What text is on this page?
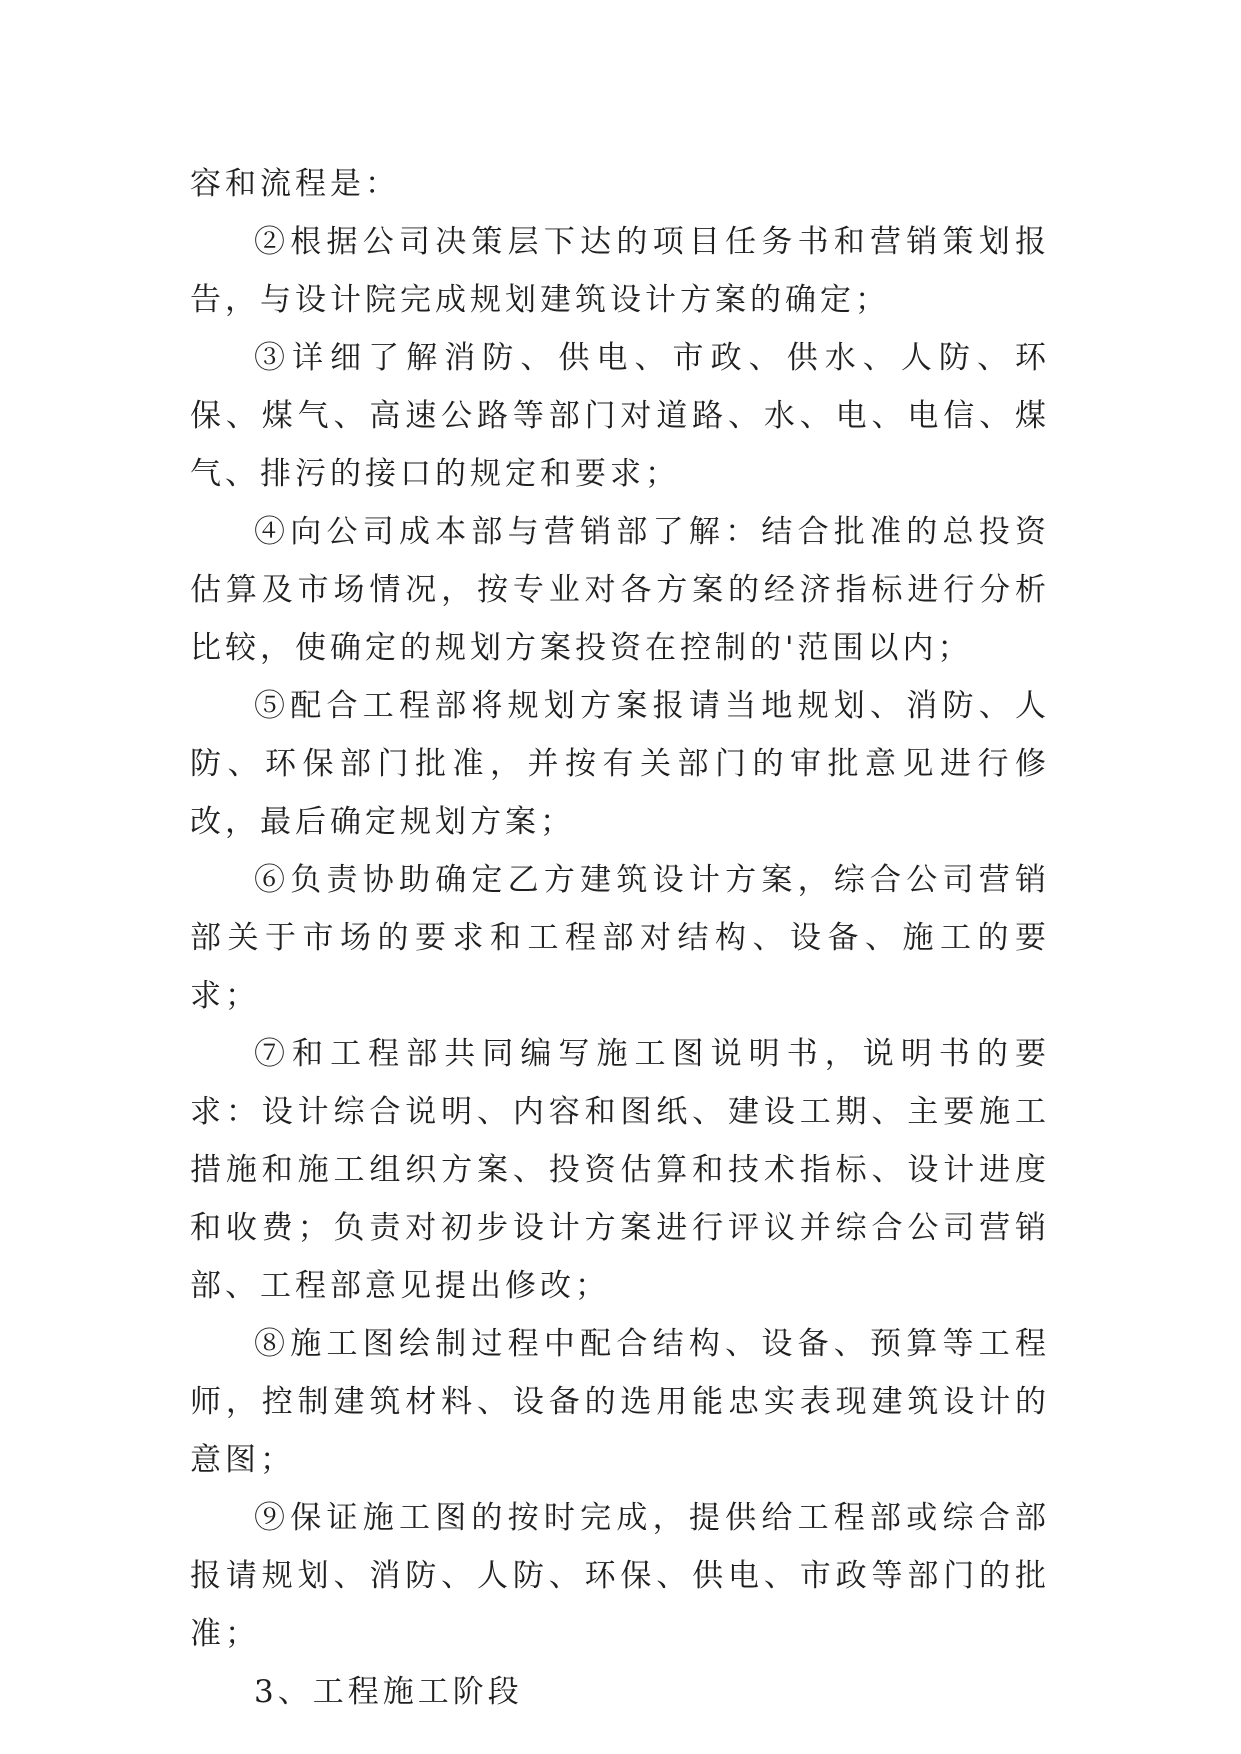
容和流程是：

②根据公司决策层下达的项目任务书和营销策划报告，与设计院完成规划建筑设计方案的确定；

③详细了解消防、供电、市政、供水、人防、环保、煤气、高速公路等部门对道路、水、电、电信、煤气、排污的接口的规定和要求；

④向公司成本部与营销部了解：结合批准的总投资估算及市场情况，按专业对各方案的经济指标进行分析比较，使确定的规划方案投资在控制的'范围以内；

⑤配合工程部将规划方案报请当地规划、消防、人防、环保部门批准，并按有关部门的审批意见进行修改，最后确定规划方案；

⑥负责协助确定乙方建筑设计方案，综合公司营销部关于市场的要求和工程部对结构、设备、施工的要求；

⑦和工程部共同编写施工图说明书，说明书的要求：设计综合说明、内容和图纸、建设工期、主要施工措施和施工组织方案、投资估算和技术指标、设计进度和收费；负责对初步设计方案进行评议并综合公司营销部、工程部意见提出修改；

⑧施工图绘制过程中配合结构、设备、预算等工程师，控制建筑材料、设备的选用能忠实表现建筑设计的意图；

⑨保证施工图的按时完成，提供给工程部或综合部报请规划、消防、人防、环保、供电、市政等部门的批准；

3、工程施工阶段
